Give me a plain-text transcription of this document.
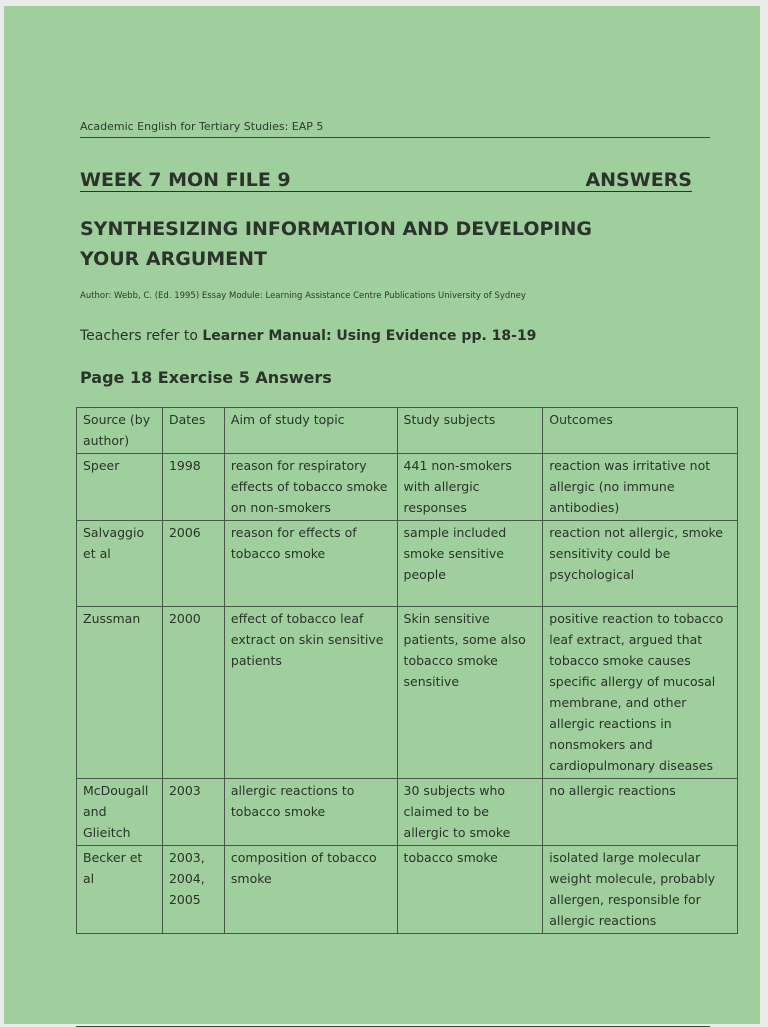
Academic English for Tertiary Studies: EAP 5
WEEK 7 MON FILE 9	ANSWERS
SYNTHESIZING INFORMATION AND DEVELOPING
YOUR ARGUMENT
Author: Webb, C. (Ed. 1995) Essay Module: Learning Assistance Centre Publications University of Sydney
Teachers refer to Learner Manual: Using Evidence pp. 18-19
Page 18 Exercise 5 Answers
Source (by author)	Dates	Aim of study topic	Study subjects	Outcomes
Speer	1998	reason for respiratory effects of tobacco smoke on non-smokers	441 non-smokers with allergic responses	reaction was irritative not allergic (no immune antibodies)
Salvaggio et al	2006	reason for effects of tobacco smoke	sample included smoke sensitive people	reaction not allergic, smoke sensitivity could be psychological
Zussman	2000	effect of tobacco leaf extract on skin sensitive patients	Skin sensitive patients, some also tobacco smoke sensitive	positive reaction to tobacco leaf extract, argued that tobacco smoke causes specific allergy of mucosal membrane, and other allergic reactions in nonsmokers and cardiopulmonary diseases
McDougall and Glieitch	2003	allergic reactions to tobacco smoke	30 subjects who claimed to be allergic to smoke	no allergic reactions
Becker et al	2003, 2004, 2005	composition of tobacco smoke	tobacco smoke	isolated large molecular weight molecule, probably allergen, responsible for allergic reactions
